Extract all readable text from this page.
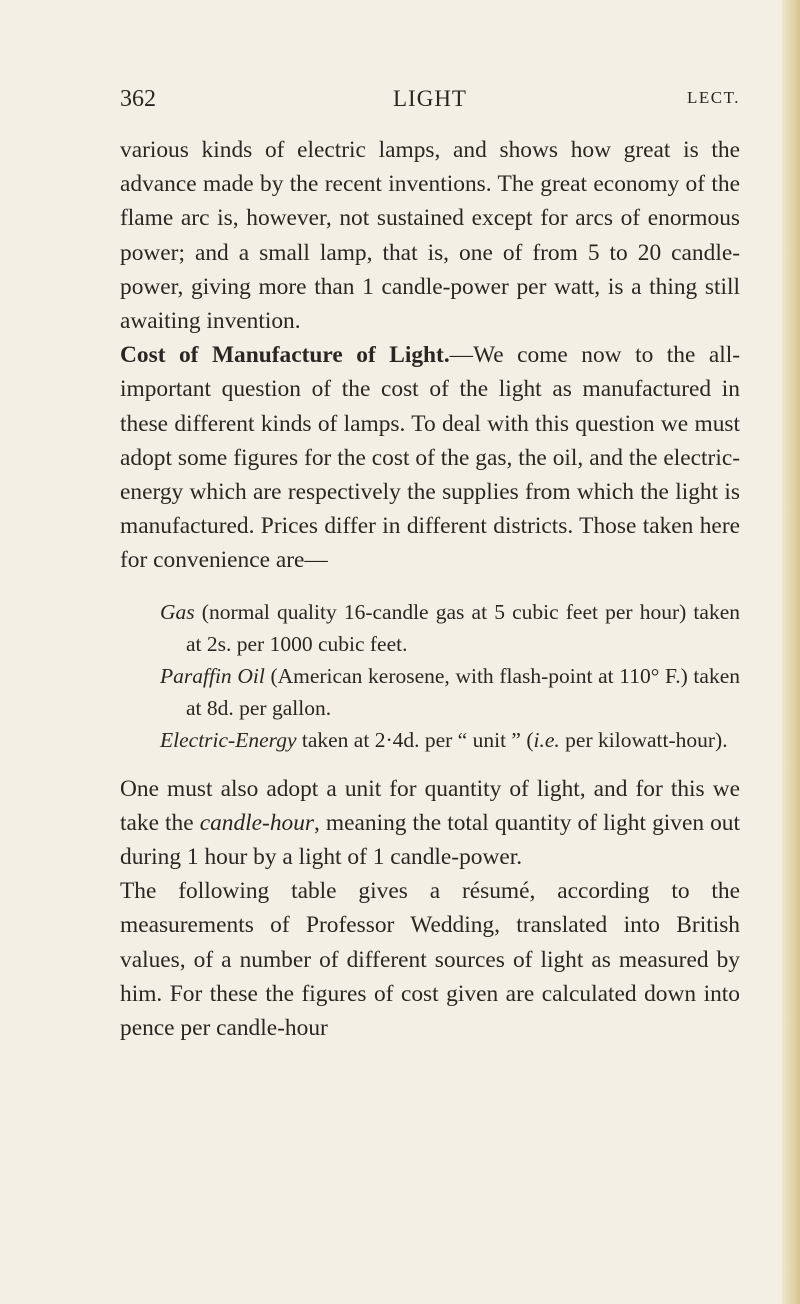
362	LIGHT	LECT.

various kinds of electric lamps, and shows how great is the advance made by the recent inventions. The great economy of the flame arc is, however, not sustained except for arcs of enormous power; and a small lamp, that is, one of from 5 to 20 candle-power, giving more than 1 candle-power per watt, is a thing still awaiting invention.

Cost of Manufacture of Light.—We come now to the all-important question of the cost of the light as manufactured in these different kinds of lamps. To deal with this question we must adopt some figures for the cost of the gas, the oil, and the electric-energy which are respectively the supplies from which the light is manufactured. Prices differ in different districts. Those taken here for convenience are—

Gas (normal quality 16-candle gas at 5 cubic feet per hour) taken at 2s. per 1000 cubic feet.

Paraffin Oil (American kerosene, with flash-point at 110° F.) taken at 8d. per gallon.

Electric-Energy taken at 2·4d. per “ unit ” (i.e. per kilowatt-hour).

One must also adopt a unit for quantity of light, and for this we take the candle-hour, meaning the total quantity of light given out during 1 hour by a light of 1 candle-power.

The following table gives a résumé, according to the measurements of Professor Wedding, translated into British values, of a number of different sources of light as measured by him. For these the figures of cost given are calculated down into pence per candle-hour
